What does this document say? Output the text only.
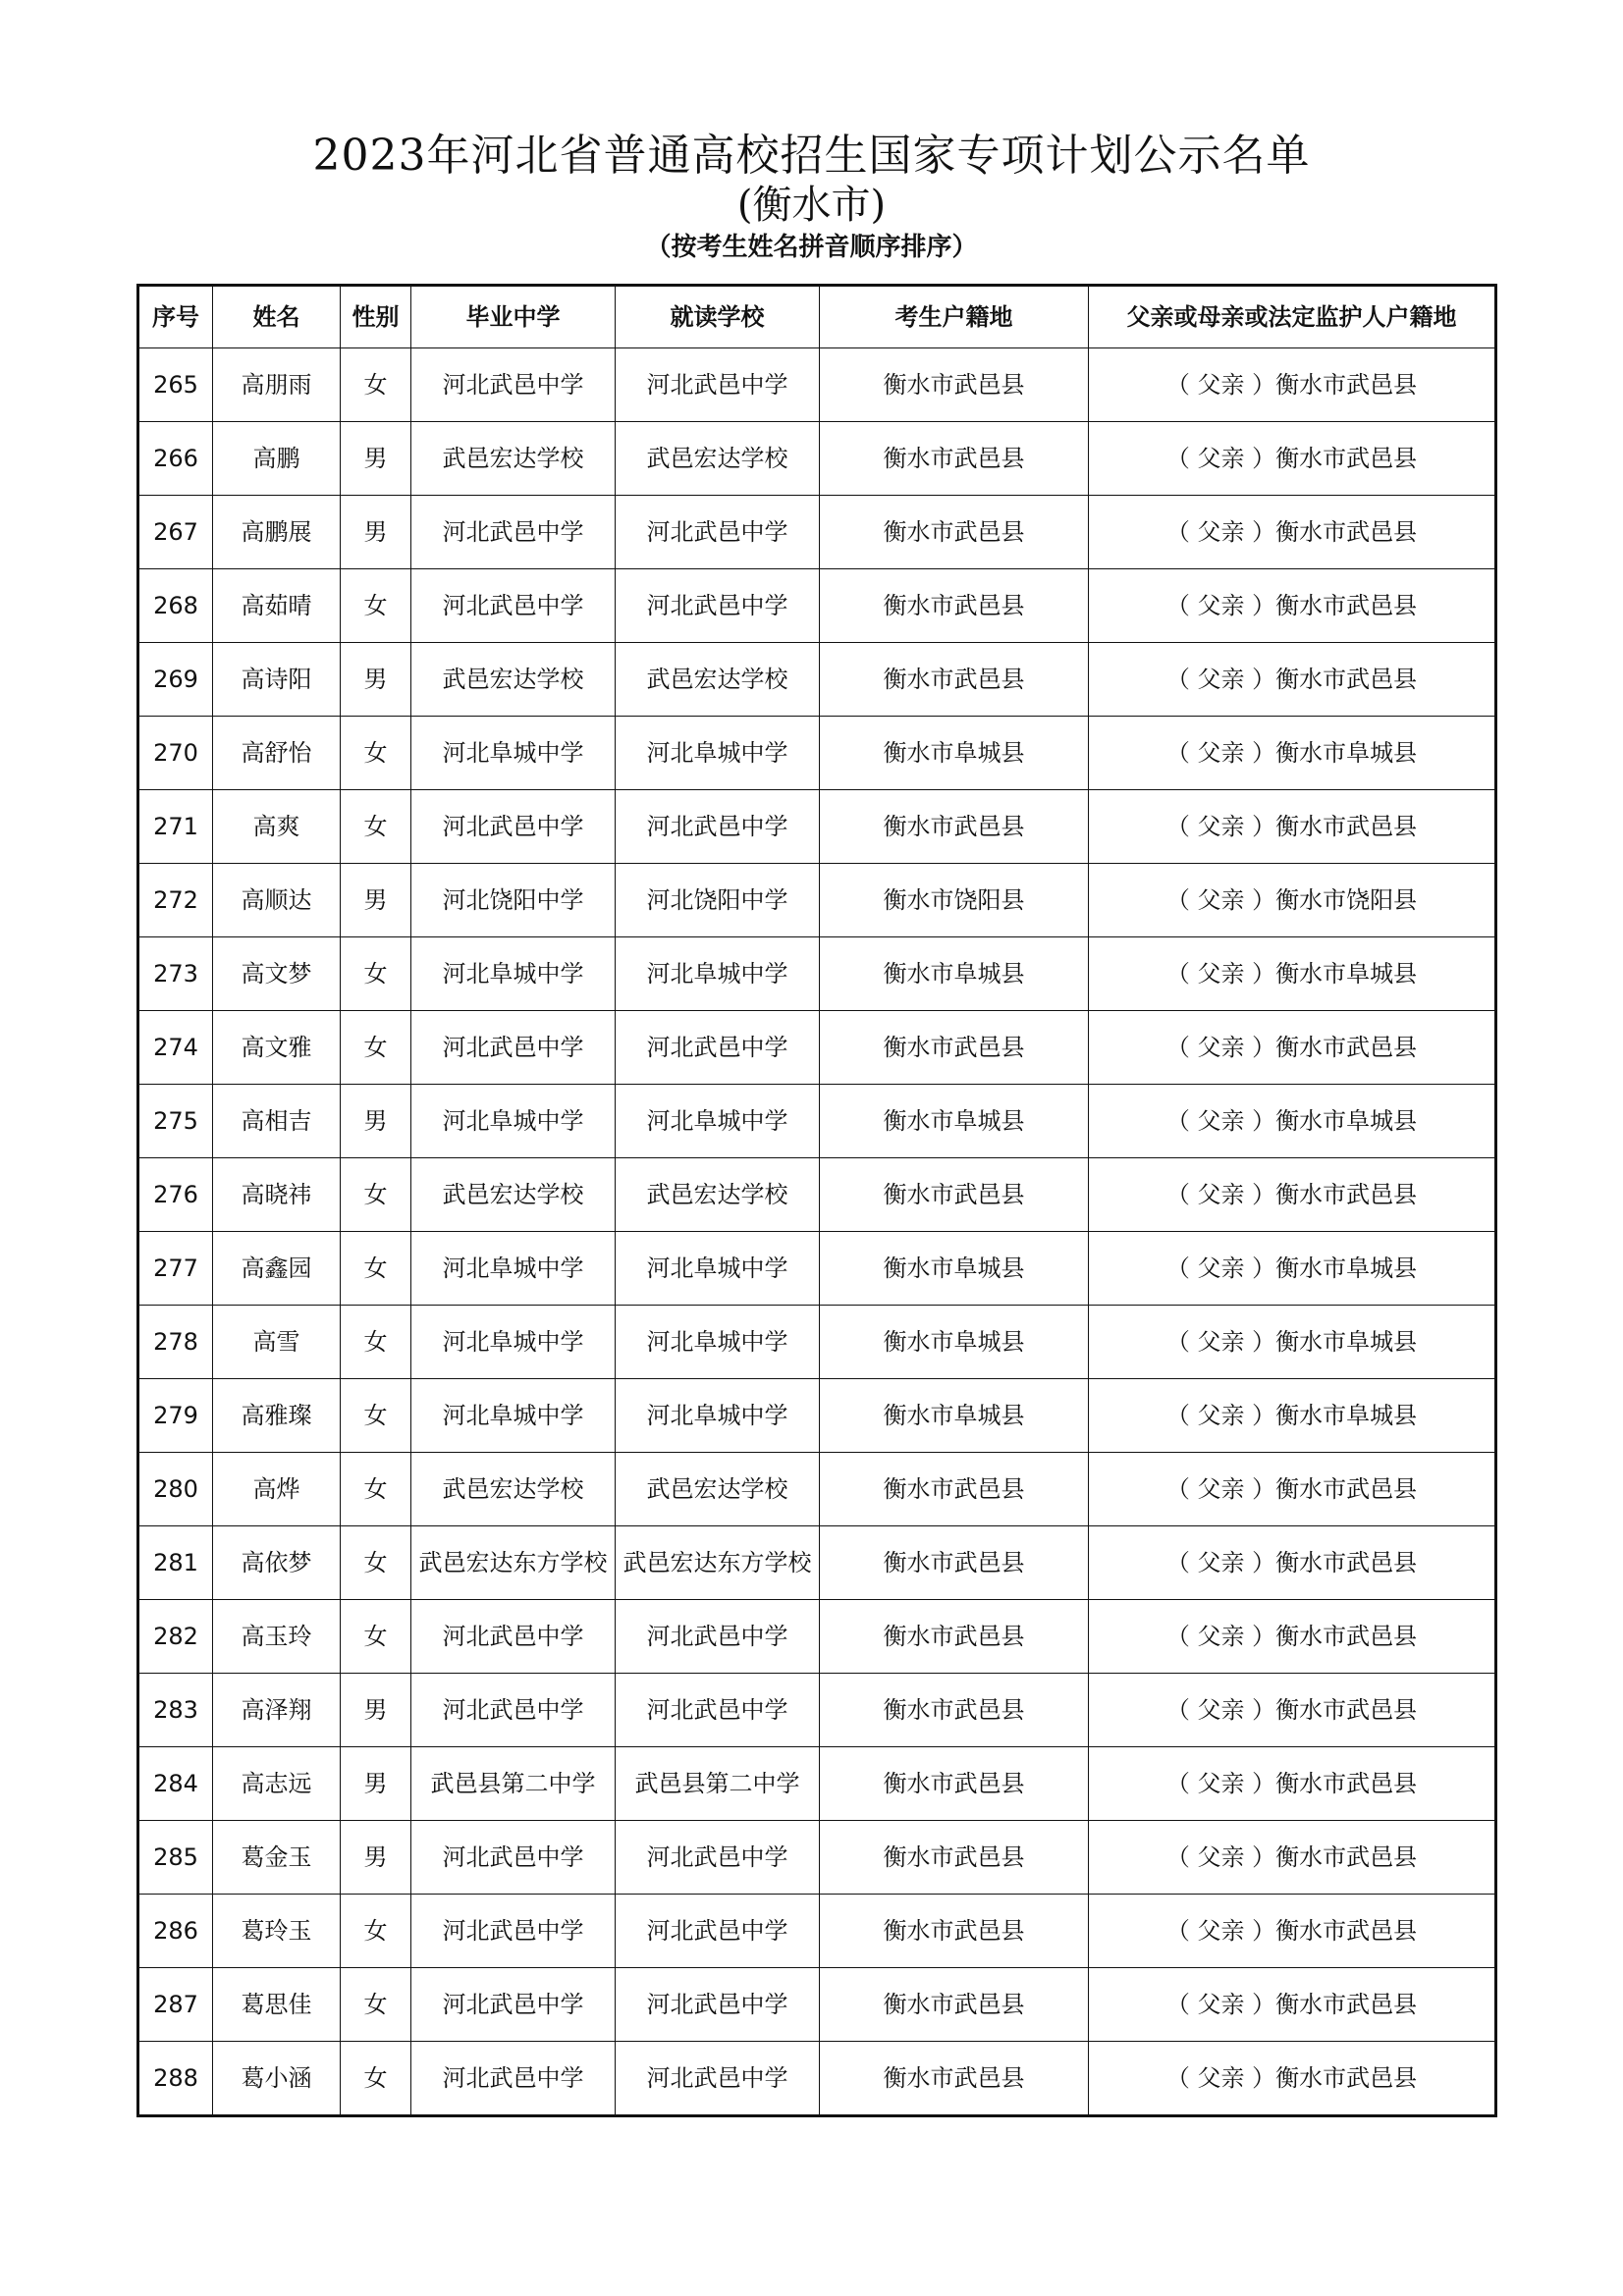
2023年河北省普通高校招生国家专项计划公示名单
(衡水市)
（按考生姓名拼音顺序排序）
序号	姓名	性别	毕业中学	就读学校	考生户籍地	父亲或母亲或法定监护人户籍地
265	高朋雨	女	河北武邑中学	河北武邑中学	衡水市武邑县	（ 父亲 ）衡水市武邑县
266	高鹏	男	武邑宏达学校	武邑宏达学校	衡水市武邑县	（ 父亲 ）衡水市武邑县
267	高鹏展	男	河北武邑中学	河北武邑中学	衡水市武邑县	（ 父亲 ）衡水市武邑县
268	高茹晴	女	河北武邑中学	河北武邑中学	衡水市武邑县	（ 父亲 ）衡水市武邑县
269	高诗阳	男	武邑宏达学校	武邑宏达学校	衡水市武邑县	（ 父亲 ）衡水市武邑县
270	高舒怡	女	河北阜城中学	河北阜城中学	衡水市阜城县	（ 父亲 ）衡水市阜城县
271	高爽	女	河北武邑中学	河北武邑中学	衡水市武邑县	（ 父亲 ）衡水市武邑县
272	高顺达	男	河北饶阳中学	河北饶阳中学	衡水市饶阳县	（ 父亲 ）衡水市饶阳县
273	高文梦	女	河北阜城中学	河北阜城中学	衡水市阜城县	（ 父亲 ）衡水市阜城县
274	高文雅	女	河北武邑中学	河北武邑中学	衡水市武邑县	（ 父亲 ）衡水市武邑县
275	高相吉	男	河北阜城中学	河北阜城中学	衡水市阜城县	（ 父亲 ）衡水市阜城县
276	高晓祎	女	武邑宏达学校	武邑宏达学校	衡水市武邑县	（ 父亲 ）衡水市武邑县
277	高鑫园	女	河北阜城中学	河北阜城中学	衡水市阜城县	（ 父亲 ）衡水市阜城县
278	高雪	女	河北阜城中学	河北阜城中学	衡水市阜城县	（ 父亲 ）衡水市阜城县
279	高雅璨	女	河北阜城中学	河北阜城中学	衡水市阜城县	（ 父亲 ）衡水市阜城县
280	高烨	女	武邑宏达学校	武邑宏达学校	衡水市武邑县	（ 父亲 ）衡水市武邑县
281	高依梦	女	武邑宏达东方学校	武邑宏达东方学校	衡水市武邑县	（ 父亲 ）衡水市武邑县
282	高玉玲	女	河北武邑中学	河北武邑中学	衡水市武邑县	（ 父亲 ）衡水市武邑县
283	高泽翔	男	河北武邑中学	河北武邑中学	衡水市武邑县	（ 父亲 ）衡水市武邑县
284	高志远	男	武邑县第二中学	武邑县第二中学	衡水市武邑县	（ 父亲 ）衡水市武邑县
285	葛金玉	男	河北武邑中学	河北武邑中学	衡水市武邑县	（ 父亲 ）衡水市武邑县
286	葛玲玉	女	河北武邑中学	河北武邑中学	衡水市武邑县	（ 父亲 ）衡水市武邑县
287	葛思佳	女	河北武邑中学	河北武邑中学	衡水市武邑县	（ 父亲 ）衡水市武邑县
288	葛小涵	女	河北武邑中学	河北武邑中学	衡水市武邑县	（ 父亲 ）衡水市武邑县
